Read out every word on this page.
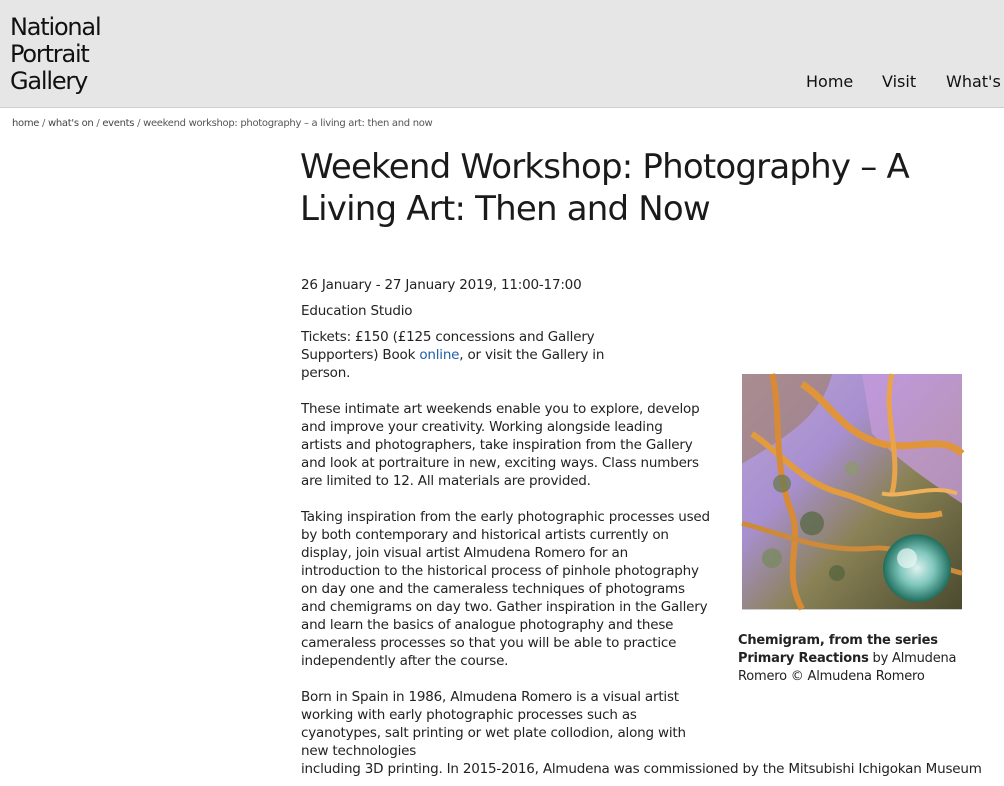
National
Portrait
Gallery	Home Visit What's
home / what's on / events / weekend workshop: photography – a living art: then and now
Weekend Workshop: Photography – A Living Art: Then and Now

26 January - 27 January 2019, 11:00-17:00

Education Studio

Tickets: £150 (£125 concessions and Gallery Supporters) Book online, or visit the Gallery in person.

These intimate art weekends enable you to explore, develop and improve your creativity. Working alongside leading artists and photographers, take inspiration from the Gallery and look at portraiture in new, exciting ways. Class numbers are limited to 12. All materials are provided.

Taking inspiration from the early photographic processes used by both contemporary and historical artists currently on display, join visual artist Almudena Romero for an introduction to the historical process of pinhole photography on day one and the cameraless techniques of photograms and chemigrams on day two. Gather inspiration in the Gallery and learn the basics of analogue photography and these cameraless processes so that you will be able to practice independently after the course.

Born in Spain in 1986, Almudena Romero is a visual artist working with early photographic processes such as cyanotypes, salt printing or wet plate collodion, along with new technologies

including 3D printing. In 2015-2016, Almudena was commissioned by the Mitsubishi Ichigokan Museum

Chemigram, from the series Primary Reactions by Almudena Romero © Almudena Romero
